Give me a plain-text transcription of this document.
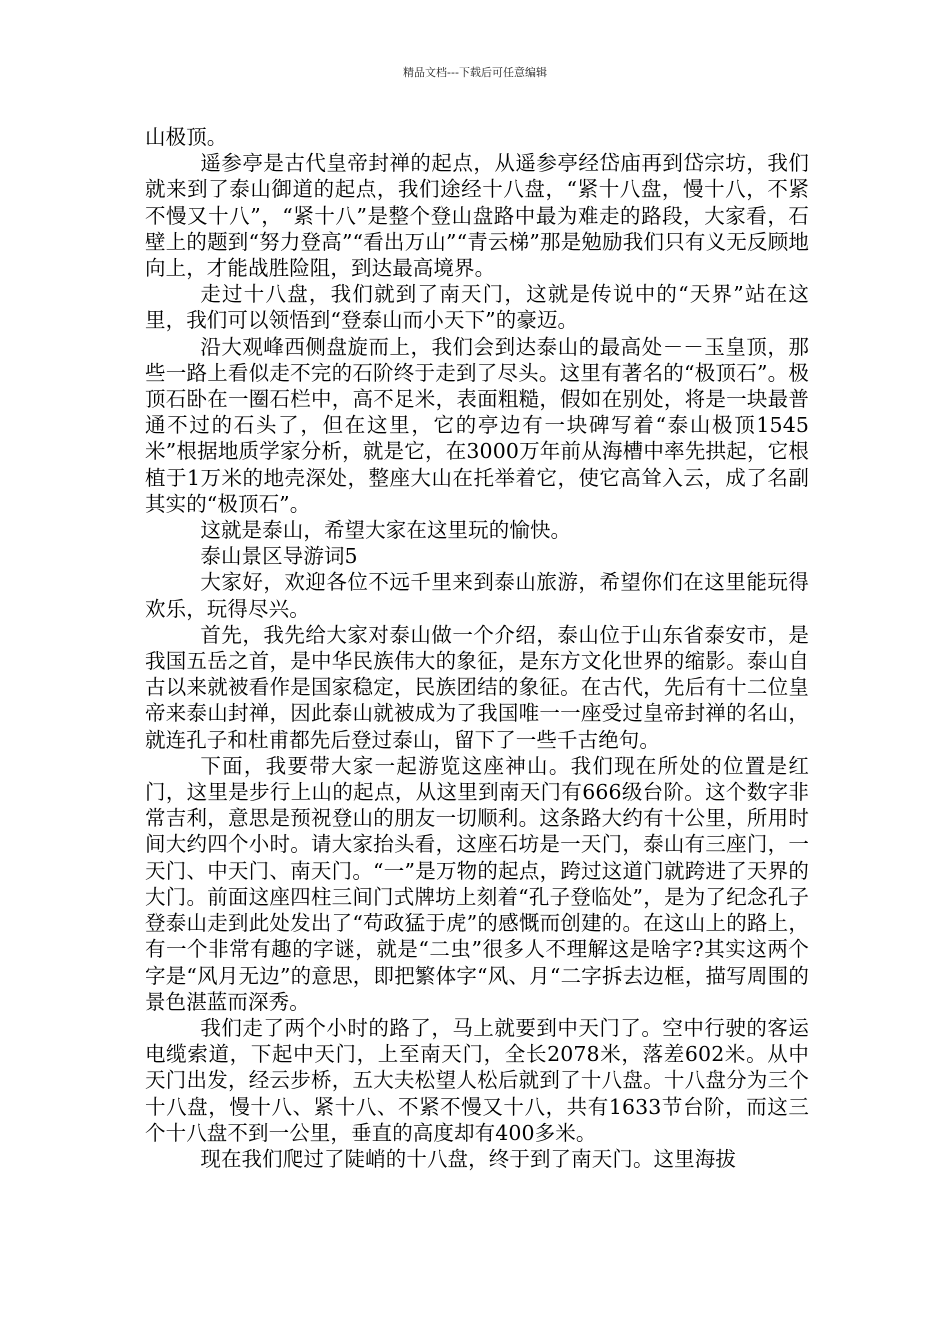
精品文档---下载后可任意编辑

山极顶。

遥参亭是古代皇帝封禅的起点，从遥参亭经岱庙再到岱宗坊，我们就来到了泰山御道的起点，我们途经十八盘，“紧十八盘，慢十八，不紧不慢又十八”，“紧十八”是整个登山盘路中最为难走的路段，大家看，石壁上的题到“努力登高”“看出万山”“青云梯”那是勉励我们只有义无反顾地向上，才能战胜险阻，到达最高境界。

走过十八盘，我们就到了南天门，这就是传说中的“天界”站在这里，我们可以领悟到“登泰山而小天下”的豪迈。

沿大观峰西侧盘旋而上，我们会到达泰山的最高处－－玉皇顶，那些一路上看似走不完的石阶终于走到了尽头。这里有著名的“极顶石”。极顶石卧在一圈石栏中，高不足米，表面粗糙，假如在别处，将是一块最普通不过的石头了，但在这里，它的亭边有一块碑写着“泰山极顶1545米”根据地质学家分析，就是它，在3000万年前从海槽中率先拱起，它根植于1万米的地壳深处，整座大山在托举着它，使它高耸入云，成了名副其实的“极顶石”。

这就是泰山，希望大家在这里玩的愉快。

泰山景区导游词5

大家好，欢迎各位不远千里来到泰山旅游，希望你们在这里能玩得欢乐，玩得尽兴。

首先，我先给大家对泰山做一个介绍，泰山位于山东省泰安市，是我国五岳之首，是中华民族伟大的象征，是东方文化世界的缩影。泰山自古以来就被看作是国家稳定，民族团结的象征。在古代，先后有十二位皇帝来泰山封禅，因此泰山就被成为了我国唯一一座受过皇帝封禅的名山，就连孔子和杜甫都先后登过泰山，留下了一些千古绝句。

下面，我要带大家一起游览这座神山。我们现在所处的位置是红门，这里是步行上山的起点，从这里到南天门有666级台阶。这个数字非常吉利，意思是预祝登山的朋友一切顺利。这条路大约有十公里，所用时间大约四个小时。请大家抬头看，这座石坊是一天门，泰山有三座门，一天门、中天门、南天门。“一”是万物的起点，跨过这道门就跨进了天界的大门。前面这座四柱三间门式牌坊上刻着“孔子登临处”，是为了纪念孔子登泰山走到此处发出了“苟政猛于虎”的感慨而创建的。在这山上的路上，有一个非常有趣的字谜，就是“二虫”很多人不理解这是啥字?其实这两个字是“风月无边”的意思，即把繁体字“风、月“二字拆去边框，描写周围的景色湛蓝而深秀。

我们走了两个小时的路了，马上就要到中天门了。空中行驶的客运电缆索道，下起中天门，上至南天门，全长2078米，落差602米。从中天门出发，经云步桥，五大夫松望人松后就到了十八盘。十八盘分为三个十八盘，慢十八、紧十八、不紧不慢又十八，共有1633节台阶，而这三个十八盘不到一公里，垂直的高度却有400多米。

现在我们爬过了陡峭的十八盘，终于到了南天门。这里海拔
